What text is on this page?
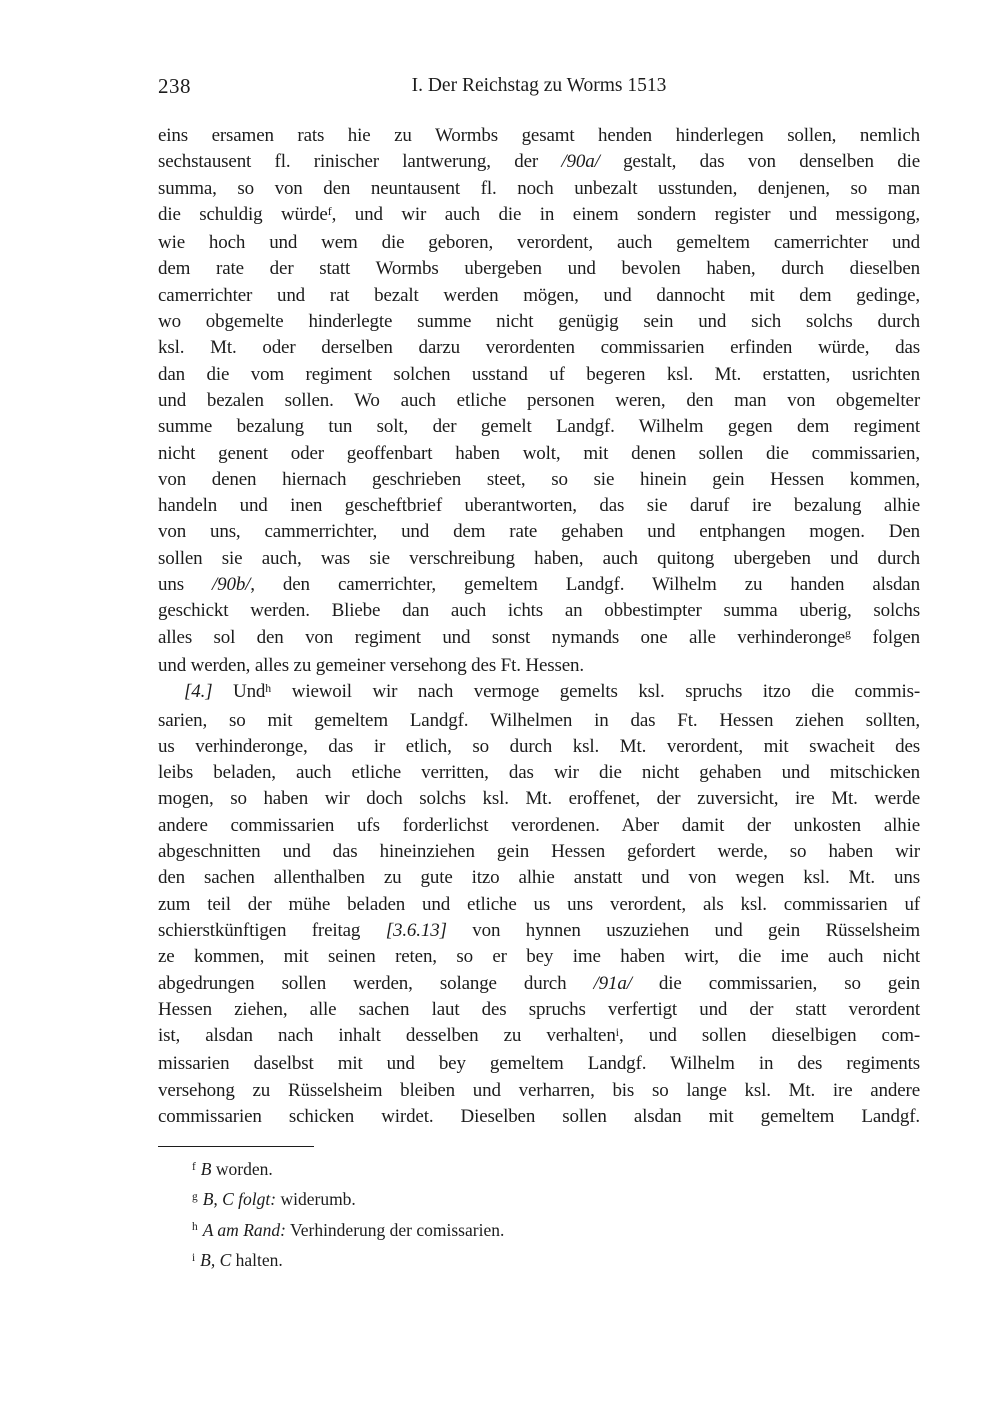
238	I. Der Reichstag zu Worms 1513
eins ersamen rats hie zu Wormbs gesamt henden hinderlegen sollen, nemlich
sechstausent fl. rinischer lantwerung, der /90a/ gestalt, das von denselben die
summa, so von den neuntausent fl. noch unbezalt usstunden, denjenen, so man
die schuldig würde$^f$, und wir auch die in einem sondern register und messigong,
wie hoch und wem die geboren, verordent, auch gemeltem camerrichter und
dem rate der statt Wormbs ubergeben und bevolen haben, durch dieselben
camerrichter und rat bezalt werden mögen, und dannocht mit dem gedinge,
wo obgemelte hinderlegte summe nicht genügig sein und sich solchs durch
ksl. Mt. oder derselben darzu verordenten commissarien erfinden würde, das
dan die vom regiment solchen usstand uf begeren ksl. Mt. erstatten, usrichten
und bezalen sollen. Wo auch etliche personen weren, den man von obgemelter
summe bezalung tun solt, der gemelt Landgf. Wilhelm gegen dem regiment
nicht genent oder geoffenbart haben wolt, mit denen sollen die commissarien,
von denen hiernach geschrieben steet, so sie hinein gein Hessen kommen,
handeln und inen gescheftbrief uberantworten, das sie daruf ire bezalung alhie
von uns, cammerrichter, und dem rate gehaben und entphangen mogen. Den
sollen sie auch, was sie verschreibung haben, auch quitong ubergeben und durch
uns /90b/, den camerrichter, gemeltem Landgf. Wilhelm zu handen alsdan
geschickt werden. Bliebe dan auch ichts an obbestimpter summa uberig, solchs
alles sol den von regiment und sonst nymands one alle verhinderonge$^g$ folgen
und werden, alles zu gemeiner versehong des Ft. Hessen.
[4.] Und$^h$ wiewoil wir nach vermoge gemelts ksl. spruchs itzo die commis-
sarien, so mit gemeltem Landgf. Wilhelmen in das Ft. Hessen ziehen sollten,
us verhinderonge, das ir etlich, so durch ksl. Mt. verordent, mit swacheit des
leibs beladen, auch etliche verritten, das wir die nicht gehaben und mitschicken
mogen, so haben wir doch solchs ksl. Mt. eroffenet, der zuversicht, ire Mt. werde
andere commissarien ufs forderlichst verordenen. Aber damit der unkosten alhie
abgeschnitten und das hineinziehen gein Hessen gefordert werde, so haben wir
den sachen allenthalben zu gute itzo alhie anstatt und von wegen ksl. Mt. uns
zum teil der mühe beladen und etliche us uns verordent, als ksl. commissarien uf
schierstkünftigen freitag [3.6.13] von hynnen uszuziehen und gein Rüsselsheim
ze kommen, mit seinen reten, so er bey ime haben wirt, die ime auch nicht
abgedrungen sollen werden, solange durch /91a/ die commissarien, so gein
Hessen ziehen, alle sachen laut des spruchs verfertigt und der statt verordent
ist, alsdan nach inhalt desselben zu verhalten$^i$, und sollen dieselbigen com-
missarien daselbst mit und bey gemeltem Landgf. Wilhelm in des regiments
versehong zu Rüsselsheim bleiben und verharren, bis so lange ksl. Mt. ire andere
commissarien schicken wirdet. Dieselben sollen alsdan mit gemeltem Landgf.
$^f$ B worden.
$^g$ B, C folgt: widerumb.
$^h$ A am Rand: Verhinderung der comissarien.
$^i$ B, C halten.
